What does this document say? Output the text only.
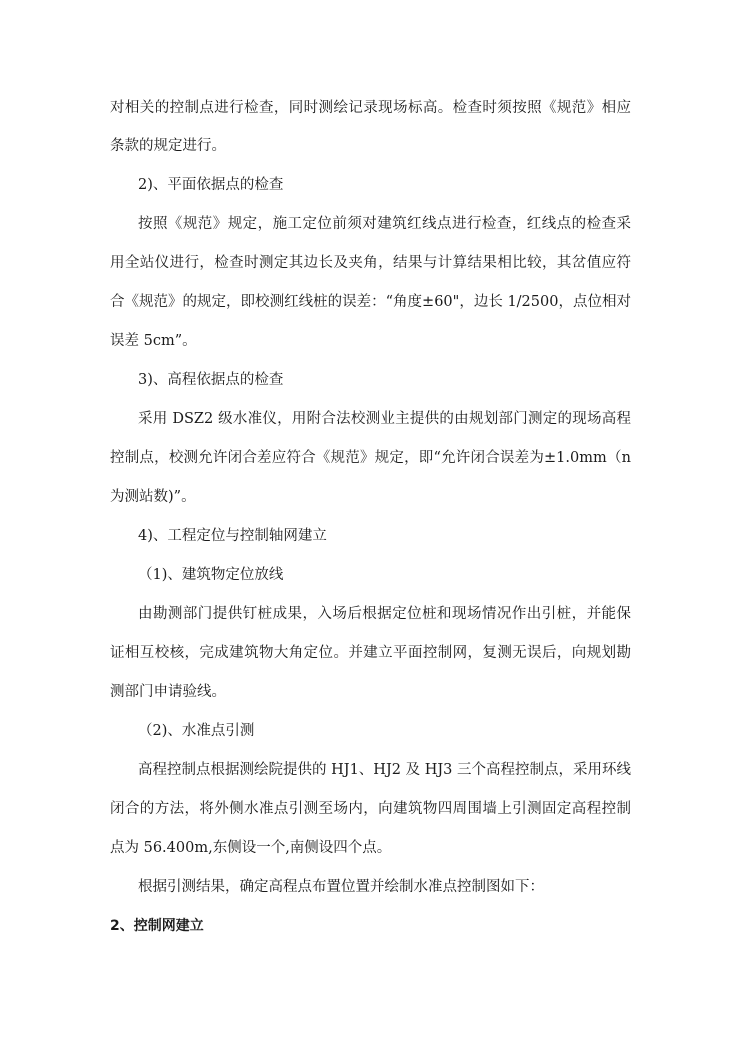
对相关的控制点进行检查，同时测绘记录现场标高。检查时须按照《规范》相应
条款的规定进行。
2)、平面依据点的检查
按照《规范》规定，施工定位前须对建筑红线点进行检查，红线点的检查采
用全站仪进行，检查时测定其边长及夹角，结果与计算结果相比较，其岔值应符
合《规范》的规定，即校测红线桩的误差：“角度±60"，边长 1/2500，点位相对
误差 5cm”。
3)、高程依据点的检查
采用 DSZ2 级水准仪，用附合法校测业主提供的由规划部门测定的现场高程
控制点，校测允许闭合差应符合《规范》规定，即“允许闭合误差为±1.0mm（n
为测站数)”。
4)、工程定位与控制轴网建立
（1)、建筑物定位放线
由勘测部门提供钉桩成果，入场后根据定位桩和现场情况作出引桩，并能保
证相互校核，完成建筑物大角定位。并建立平面控制网，复测无误后，向规划勘
测部门申请验线。
（2)、水准点引测
高程控制点根据测绘院提供的 HJ1、HJ2 及 HJ3 三个高程控制点，采用环线
闭合的方法，将外侧水准点引测至场内，向建筑物四周围墙上引测固定高程控制
点为 56.400m,东侧设一个,南侧设四个点。
根据引测结果，确定高程点布置位置并绘制水准点控制图如下：
2、控制网建立
